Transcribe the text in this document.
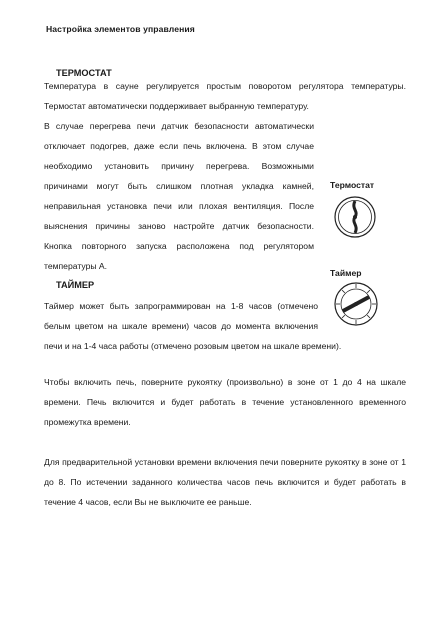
Настройка элементов управления
ТЕРМОСТАТ

Температура в сауне регулируется простым поворотом регулятора температуры. Термостат автоматически поддерживает выбранную температуру.

В случае перегрева печи датчик безопасности автоматически отключает подогрев, даже если печь включена. В этом случае необходимо установить причину перегрева. Возможными причинами могут быть слишком плотная укладка камней, неправильная установка печи или плохая вентиляция. После выяснения причины заново настройте датчик безопасности. Кнопка повторного запуска расположена под регулятором температуры А.

Термостат
Таймер
ТАЙМЕР

Таймер может быть запрограммирован на 1-8 часов (отмечено белым цветом на шкале времени) часов до момента включения печи и на 1-4 часа работы (отмечено розовым цветом на шкале времени).

Чтобы включить печь, поверните рукоятку (произвольно) в зоне от 1 до 4 на шкале времени. Печь включится и будет работать в течение установленного временного промежутка времени.

Для предварительной установки времени включения печи поверните рукоятку в зоне от 1 до 8. По истечении заданного количества часов печь включится и будет работать в течение 4 часов, если Вы не выключите ее раньше.
